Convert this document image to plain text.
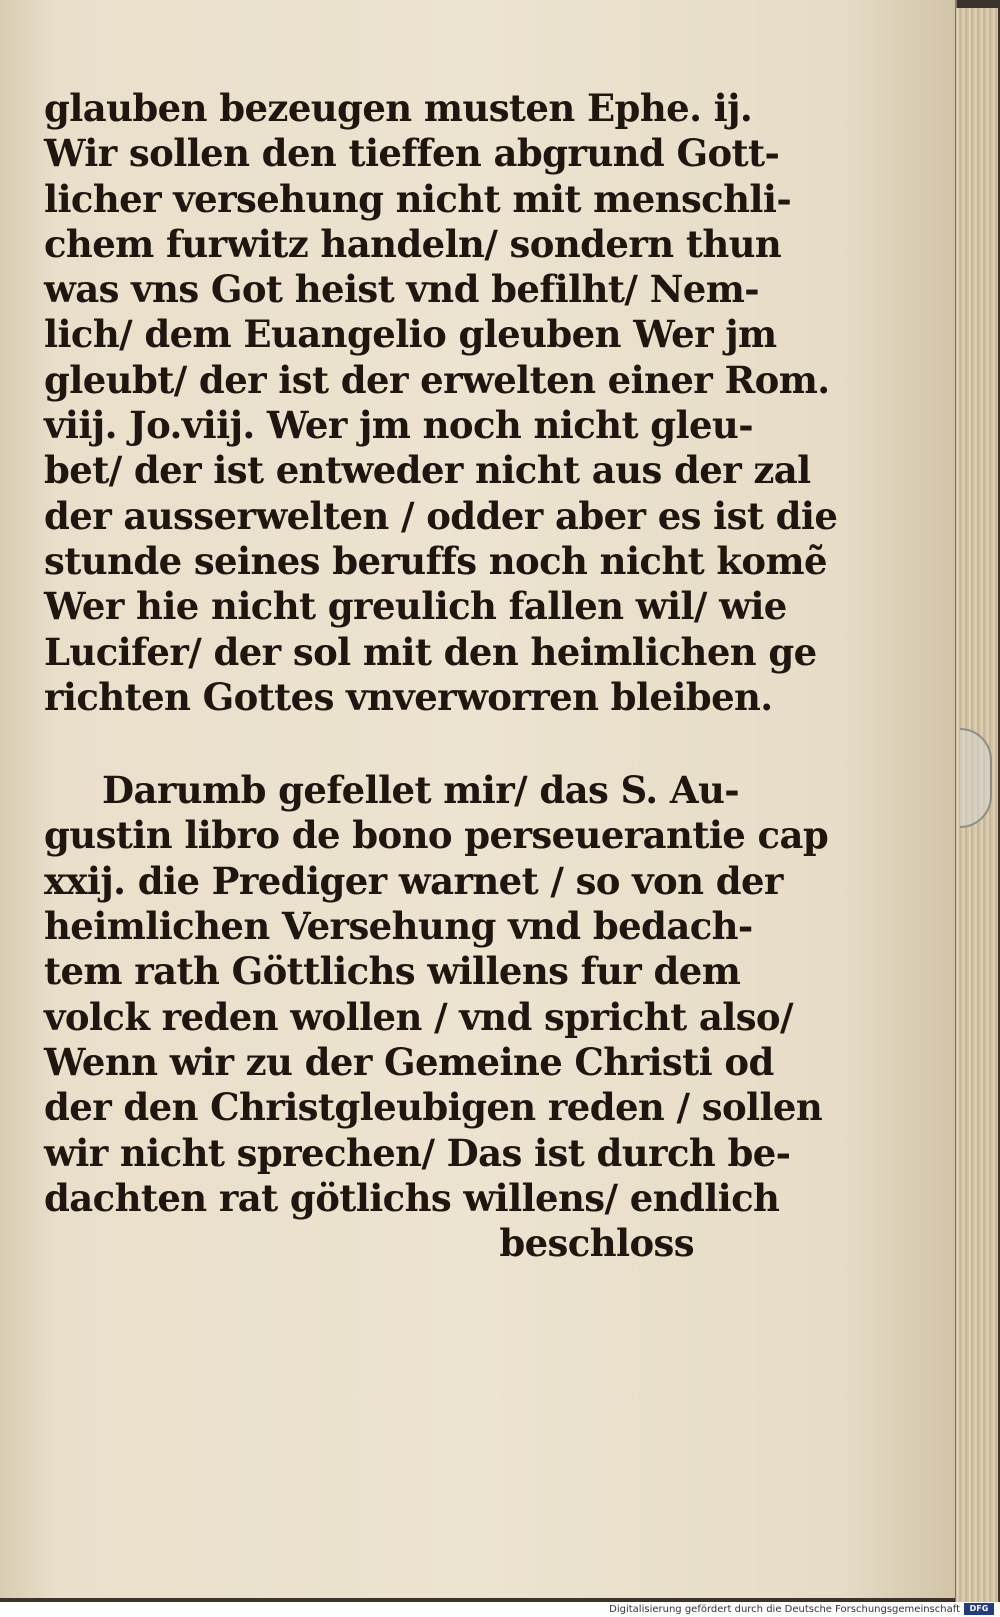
glauben bezeugen musten Ephe. ij.
Wir sollen den tieffen abgrund Gott-
licher versehung nicht mit menschli-
chem furwitz handeln/ sondern thun
was vns Got heist vnd befilht/ Nem-
lich/ dem Euangelio gleuben Wer jm
gleubt/ der ist der erwelten einer Rom.
viij. Jo.viij. Wer jm noch nicht gleu-
bet/ der ist entweder nicht aus der zal
der ausserwelten / odder aber es ist die
stunde seines beruffs noch nicht komẽ
Wer hie nicht greulich fallen wil/ wie
Lucifer/ der sol mit den heimlichen ge
richten Gottes vnverworren bleiben.
Darumb gefellet mir/ das S. Au-
gustin libro de bono perseuerantie cap
xxij. die Prediger warnet / so von der
heimlichen Versehung vnd bedach-
tem rath Göttlichs willens fur dem
volck reden wollen / vnd spricht also/
Wenn wir zu der Gemeine Christi od
der den Christgleubigen reden / sollen
wir nicht sprechen/ Das ist durch be-
dachten rat götlichs willens/ endlich
beschloss
Digitalisierung gefördert durch die Deutsche Forschungsgemeinschaft	DFG
